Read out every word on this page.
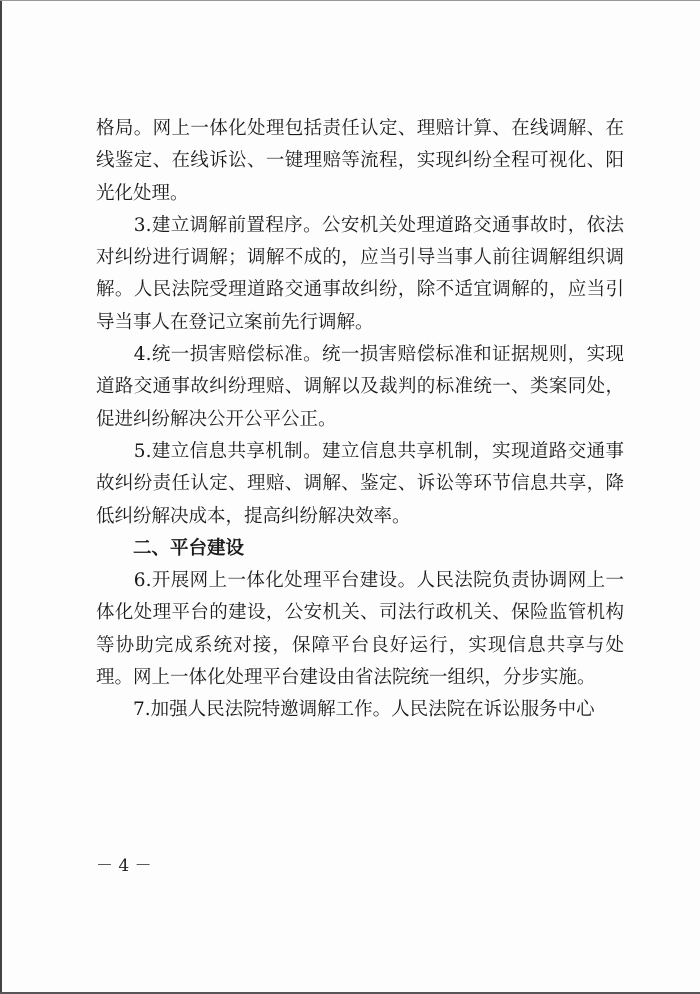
格局。网上一体化处理包括责任认定、理赔计算、在线调解、在线鉴定、在线诉讼、一键理赔等流程，实现纠纷全程可视化、阳光化处理。

　　3.建立调解前置程序。公安机关处理道路交通事故时，依法对纠纷进行调解；调解不成的，应当引导当事人前往调解组织调解。人民法院受理道路交通事故纠纷，除不适宜调解的，应当引导当事人在登记立案前先行调解。

　　4.统一损害赔偿标准。统一损害赔偿标准和证据规则，实现道路交通事故纠纷理赔、调解以及裁判的标准统一、类案同处，促进纠纷解决公开公平公正。

　　5.建立信息共享机制。建立信息共享机制，实现道路交通事故纠纷责任认定、理赔、调解、鉴定、诉讼等环节信息共享，降低纠纷解决成本，提高纠纷解决效率。

　　二、平台建设

　　6.开展网上一体化处理平台建设。人民法院负责协调网上一体化处理平台的建设，公安机关、司法行政机关、保险监管机构等协助完成系统对接，保障平台良好运行，实现信息共享与处理。网上一体化处理平台建设由省法院统一组织，分步实施。

　　7.加强人民法院特邀调解工作。人民法院在诉讼服务中心

－ 4 －
